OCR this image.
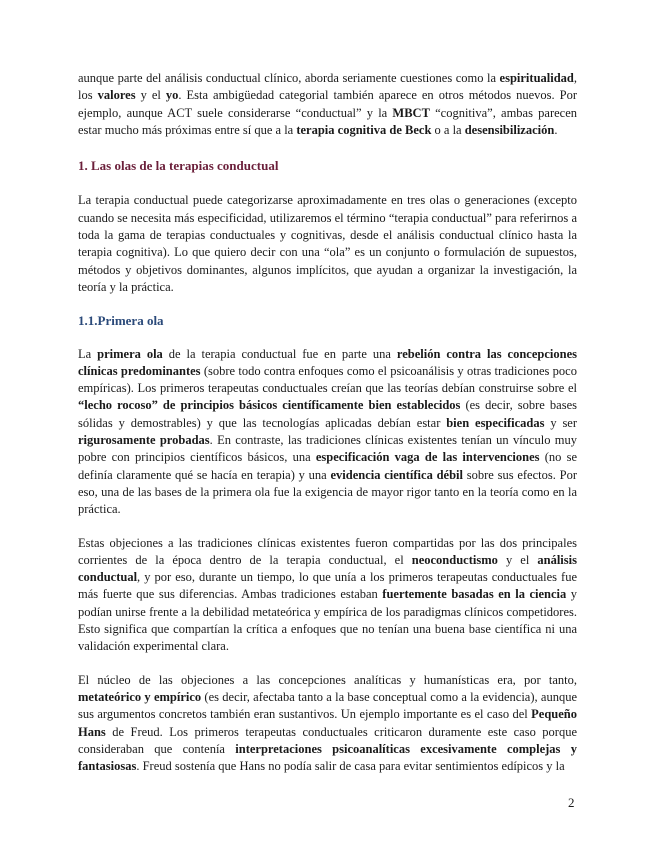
aunque parte del análisis conductual clínico, aborda seriamente cuestiones como la espiritualidad, los valores y el yo. Esta ambigüedad categorial también aparece en otros métodos nuevos. Por ejemplo, aunque ACT suele considerarse “conductual” y la MBCT “cognitiva”, ambas parecen estar mucho más próximas entre sí que a la terapia cognitiva de Beck o a la desensibilización.

1. Las olas de la terapias conductual

La terapia conductual puede categorizarse aproximadamente en tres olas o generaciones (excepto cuando se necesita más especificidad, utilizaremos el término “terapia conductual” para referirnos a toda la gama de terapias conductuales y cognitivas, desde el análisis conductual clínico hasta la terapia cognitiva). Lo que quiero decir con una “ola” es un conjunto o formulación de supuestos, métodos y objetivos dominantes, algunos implícitos, que ayudan a organizar la investigación, la teoría y la práctica.

1.1.Primera ola

La primera ola de la terapia conductual fue en parte una rebelión contra las concepciones clínicas predominantes (sobre todo contra enfoques como el psicoanálisis y otras tradiciones poco empíricas). Los primeros terapeutas conductuales creían que las teorías debían construirse sobre el “lecho rocoso” de principios básicos científicamente bien establecidos (es decir, sobre bases sólidas y demostrables) y que las tecnologías aplicadas debían estar bien especificadas y ser rigurosamente probadas. En contraste, las tradiciones clínicas existentes tenían un vínculo muy pobre con principios científicos básicos, una especificación vaga de las intervenciones (no se definía claramente qué se hacía en terapia) y una evidencia científica débil sobre sus efectos. Por eso, una de las bases de la primera ola fue la exigencia de mayor rigor tanto en la teoría como en la práctica.

Estas objeciones a las tradiciones clínicas existentes fueron compartidas por las dos principales corrientes de la época dentro de la terapia conductual, el neoconductismo y el análisis conductual, y por eso, durante un tiempo, lo que unía a los primeros terapeutas conductuales fue más fuerte que sus diferencias. Ambas tradiciones estaban fuertemente basadas en la ciencia y podían unirse frente a la debilidad metateórica y empírica de los paradigmas clínicos competidores. Esto significa que compartían la crítica a enfoques que no tenían una buena base científica ni una validación experimental clara.

El núcleo de las objeciones a las concepciones analíticas y humanísticas era, por tanto, metateórico y empírico (es decir, afectaba tanto a la base conceptual como a la evidencia), aunque sus argumentos concretos también eran sustantivos. Un ejemplo importante es el caso del Pequeño Hans de Freud. Los primeros terapeutas conductuales criticaron duramente este caso porque consideraban que contenía interpretaciones psicoanalíticas excesivamente complejas y fantasiosas. Freud sostenía que Hans no podía salir de casa para evitar sentimientos edípicos y la

2
